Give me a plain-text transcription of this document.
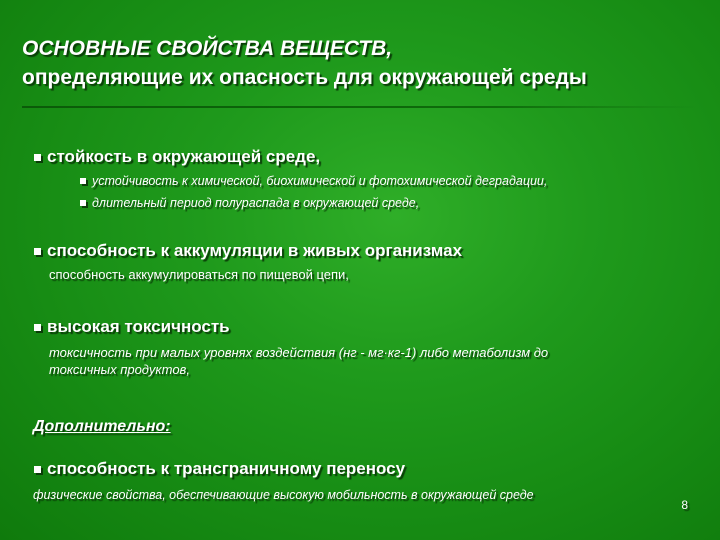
ОСНОВНЫЕ СВОЙСТВА ВЕЩЕСТВ,
определяющие их опасность для окружающей среды
стойкость в окружающей среде,
устойчивость к химической, биохимической и фотохимической деградации,
длительный период полураспада в окружающей среде,
способность к аккумуляции в живых организмах
способность аккумулироваться по пищевой цепи,
высокая токсичность
токсичность при малых уровнях воздействия (нг - мг·кг-1) либо метаболизм до
токсичных продуктов,
Дополнительно:
способность к трансграничному переносу
физические свойства, обеспечивающие высокую мобильность в окружающей среде
8
